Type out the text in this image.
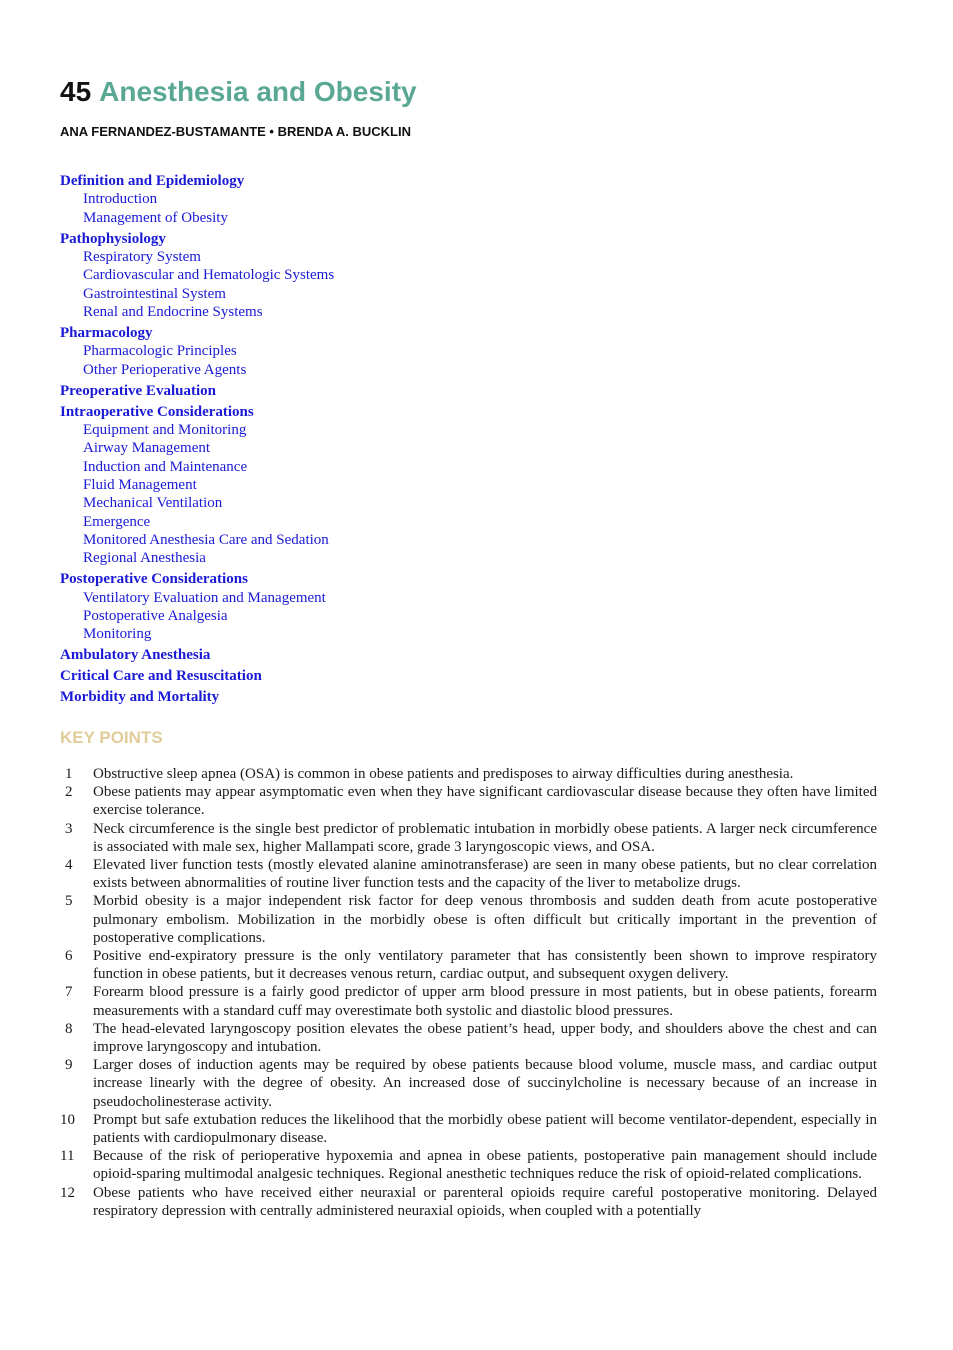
45 Anesthesia and Obesity

ANA FERNANDEZ-BUSTAMANTE • BRENDA A. BUCKLIN

Definition and Epidemiology
Introduction
Management of Obesity
Pathophysiology
Respiratory System
Cardiovascular and Hematologic Systems
Gastrointestinal System
Renal and Endocrine Systems
Pharmacology
Pharmacologic Principles
Other Perioperative Agents
Preoperative Evaluation
Intraoperative Considerations
Equipment and Monitoring
Airway Management
Induction and Maintenance
Fluid Management
Mechanical Ventilation
Emergence
Monitored Anesthesia Care and Sedation
Regional Anesthesia
Postoperative Considerations
Ventilatory Evaluation and Management
Postoperative Analgesia
Monitoring
Ambulatory Anesthesia
Critical Care and Resuscitation
Morbidity and Mortality
KEY POINTS
1	Obstructive sleep apnea (OSA) is common in obese patients and predisposes to airway difficulties during anesthesia.
2	Obese patients may appear asymptomatic even when they have significant cardiovascular disease because they often have limited exercise tolerance.
3	Neck circumference is the single best predictor of problematic intubation in morbidly obese patients. A larger neck circumference is associated with male sex, higher Mallampati score, grade 3 laryngoscopic views, and OSA.
4	Elevated liver function tests (mostly elevated alanine aminotransferase) are seen in many obese patients, but no clear correlation exists between abnormalities of routine liver function tests and the capacity of the liver to metabolize drugs.
5	Morbid obesity is a major independent risk factor for deep venous thrombosis and sudden death from acute postoperative pulmonary embolism. Mobilization in the morbidly obese is often difficult but critically important in the prevention of postoperative complications.
6	Positive end-expiratory pressure is the only ventilatory parameter that has consistently been shown to improve respiratory function in obese patients, but it decreases venous return, cardiac output, and subsequent oxygen delivery.
7	Forearm blood pressure is a fairly good predictor of upper arm blood pressure in most patients, but in obese patients, forearm measurements with a standard cuff may overestimate both systolic and diastolic blood pressures.
8	The head-elevated laryngoscopy position elevates the obese patient’s head, upper body, and shoulders above the chest and can improve laryngoscopy and intubation.
9	Larger doses of induction agents may be required by obese patients because blood volume, muscle mass, and cardiac output increase linearly with the degree of obesity. An increased dose of succinylcholine is necessary because of an increase in pseudocholinesterase activity.
10	Prompt but safe extubation reduces the likelihood that the morbidly obese patient will become ventilator-dependent, especially in patients with cardiopulmonary disease.
11	Because of the risk of perioperative hypoxemia and apnea in obese patients, postoperative pain management should include opioid-sparing multimodal analgesic techniques. Regional anesthetic techniques reduce the risk of opioid-related complications.
12	Obese patients who have received either neuraxial or parenteral opioids require careful postoperative monitoring. Delayed respiratory depression with centrally administered neuraxial opioids, when coupled with a potentially
